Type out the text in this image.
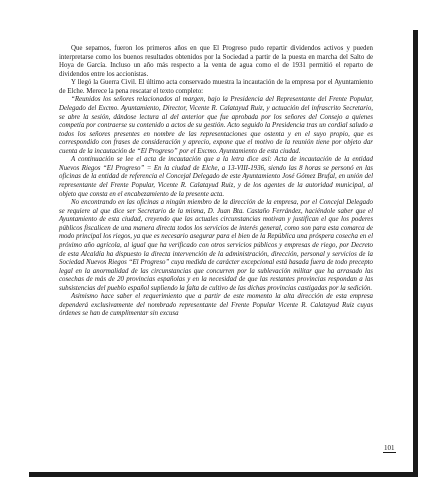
Que sepamos, fueron los primeros años en que El Progreso pudo repartir dividendos activos y pueden interpretarse como los buenos resultados obtenidos por la Sociedad a partir de la puesta en marcha del Salto de Hoya de García. Incluso un año más respecto a la venta de agua como el de 1931 permitió el reparto de dividendos entre los accionistas.

Y llegó la Guerra Civil. El último acta conservado muestra la incautación de la empresa por el Ayuntamiento de Elche. Merece la pena rescatar el texto completo:

“Reunidos los señores relacionados al margen, bajo la Presidencia del Representante del Frente Popular, Delegado del Excmo. Ayuntamiento, Director, Vicente R. Calatayud Ruiz, y actuación del infrascrito Secretario, se abre la sesión, dándose lectura al del anterior que fue aprobada por los señores del Consejo a quienes competía por contraerse su contenido a actos de su gestión. Acto seguido la Presidencia tras un cordial saludo a todos los señores presentes en nombre de las representaciones que ostenta y en el suyo propio, que es correspondido con frases de consideración y aprecio, expone que el motivo de la reunión tiene por objeto dar cuenta de la incautación de “El Progreso” por el Excmo. Ayuntamiento de esta ciudad.

A continuación se lee el acta de incautación que a la letra dice así: Acta de incautación de la entidad Nuevos Riegos “El Progreso” = En la ciudad de Elche, a 13-VIII-1936, siendo las 8 horas se personó en las oficinas de la entidad de referencia el Concejal Delegado de este Ayuntamiento José Gómez Brufal, en unión del representante del Frente Popular, Vicente R. Calatayud Ruiz, y de los agentes de la autoridad municipal, al objeto que consta en el encabezamiento de la presente acta.

No encontrando en las oficinas a ningún miembro de la dirección de la empresa, por el Concejal Delegado se requiere al que dice ser Secretario de la misma, D. Juan Bta. Castaño Ferrández, haciéndole saber que el Ayuntamiento de esta ciudad, creyendo que las actuales circunstancias motivan y justifican el que los poderes públicos fiscalicen de una manera directa todos los servicios de interés general, como son para esta comarca de modo principal los riegos, ya que es necesario asegurar para el bien de la República una próspera cosecha en el próximo año agrícola, al igual que ha verificado con otros servicios públicos y empresas de riego, por Decreto de esta Alcaldía ha dispuesto la directa intervención de la administración, dirección, personal y servicios de la Sociedad Nuevos Riegos “El Progreso” cuya medida de carácter excepcional está basada fuera de todo precepto legal en la anormalidad de las circunstancias que concurren por la sublevación militar que ha arrasado las cosechas de más de 20 provincias españolas y en la necesidad de que las restantes provincias respondan a las subsistencias del pueblo español supliendo la falta de cultivo de las dichas provincias castigadas por la sedición.

Asimismo hace saber el requerimiento que a partir de este momento la alta dirección de esta empresa dependerá exclusivamente del nombrado representante del Frente Popular Vicente R. Calatayud Ruiz cuyas órdenes se han de cumplimentar sin excusa

101
